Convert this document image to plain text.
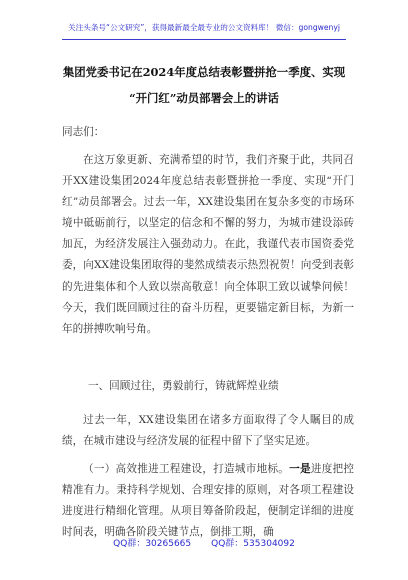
关注头条号“公文研究”，获得最新最全最专业的公文资料库！ 微信：gongwenyj
集团党委书记在2024年度总结表彰暨拼抢一季度、实现
“开门红”动员部署会上的讲话
同志们：

在这万象更新、充满希望的时节，我们齐聚于此，共同召开XX建设集团2024年度总结表彰暨拼抢一季度、实现“开门红”动员部署会。过去一年，XX建设集团在复杂多变的市场环境中砥砺前行，以坚定的信念和不懈的努力，为城市建设添砖加瓦，为经济发展注入强劲动力。在此，我谨代表市国资委党委，向XX建设集团取得的斐然成绩表示热烈祝贺！向受到表彰的先进集体和个人致以崇高敬意！向全体职工致以诚挚问候！今天，我们既回顾过往的奋斗历程，更要锚定新目标，为新一年的拼搏吹响号角。

一、回顾过往，勇毅前行，铸就辉煌业绩

过去一年，XX建设集团在诸多方面取得了令人瞩目的成绩，在城市建设与经济发展的征程中留下了坚实足迹。

（一）高效推进工程建设，打造城市地标。一是进度把控精准有力。秉持科学规划、合理安排的原则，对各项工程建设进度进行精细化管理。从项目筹备阶段起，便制定详细的进度时间表，明确各阶段关键节点，倒排工期，确

QQ群：30265665 QQ群：535304092
